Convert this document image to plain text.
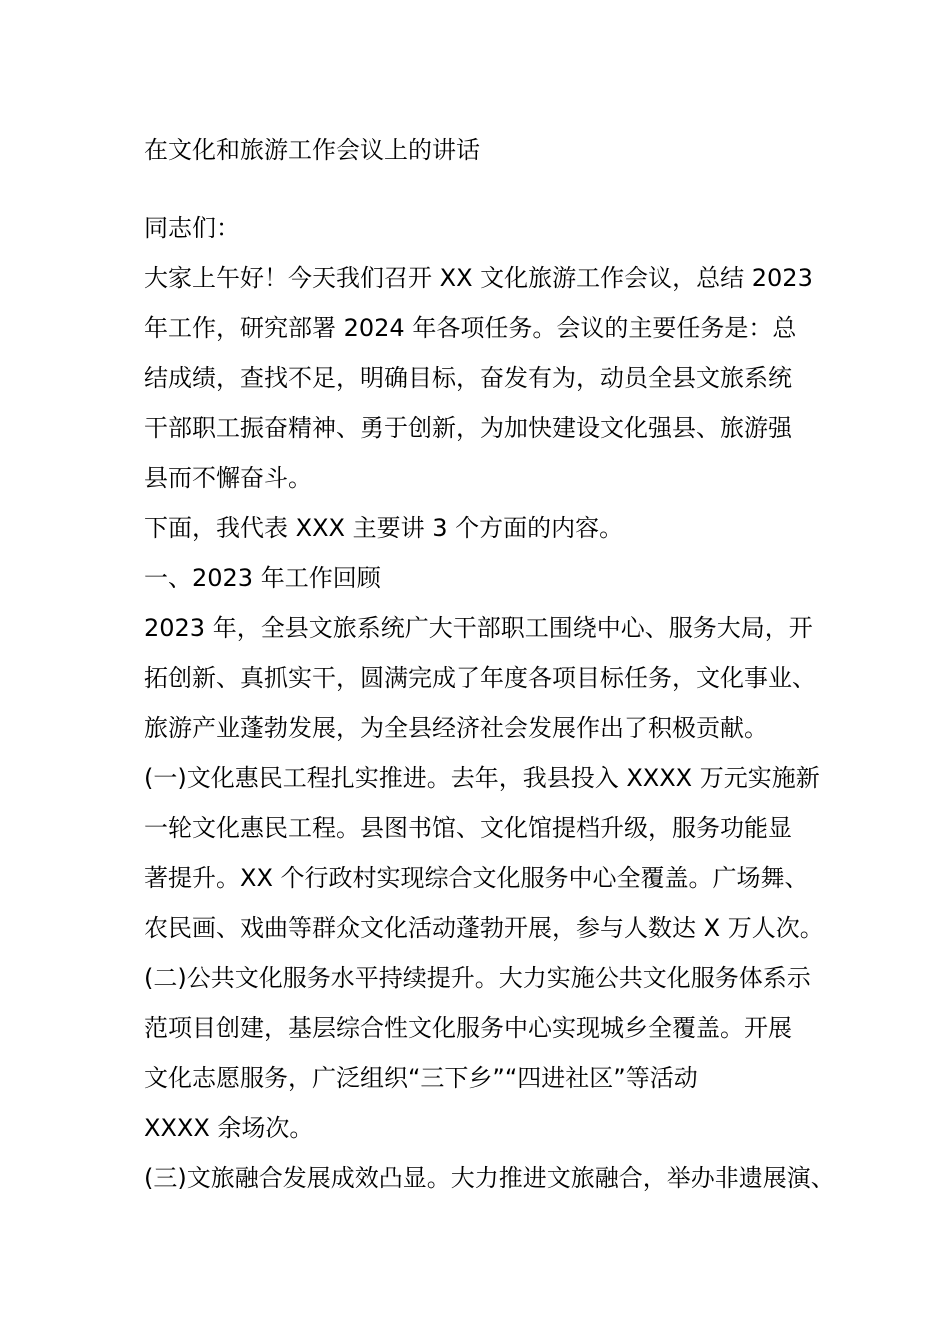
在文化和旅游工作会议上的讲话
同志们：
大家上午好！今天我们召开 XX 文化旅游工作会议，总结 2023
年工作，研究部署 2024 年各项任务。会议的主要任务是：总
结成绩，查找不足，明确目标，奋发有为，动员全县文旅系统
干部职工振奋精神、勇于创新，为加快建设文化强县、旅游强
县而不懈奋斗。
下面，我代表 XXX 主要讲 3 个方面的内容。
一、2023 年工作回顾
2023 年，全县文旅系统广大干部职工围绕中心、服务大局，开
拓创新、真抓实干，圆满完成了年度各项目标任务，文化事业、
旅游产业蓬勃发展，为全县经济社会发展作出了积极贡献。
(一)文化惠民工程扎实推进。去年，我县投入 XXXX 万元实施新
一轮文化惠民工程。县图书馆、文化馆提档升级，服务功能显
著提升。XX 个行政村实现综合文化服务中心全覆盖。广场舞、
农民画、戏曲等群众文化活动蓬勃开展，参与人数达 X 万人次。
(二)公共文化服务水平持续提升。大力实施公共文化服务体系示
范项目创建，基层综合性文化服务中心实现城乡全覆盖。开展
文化志愿服务，广泛组织“三下乡”“四进社区”等活动
XXXX 余场次。
(三)文旅融合发展成效凸显。大力推进文旅融合，举办非遗展演、
